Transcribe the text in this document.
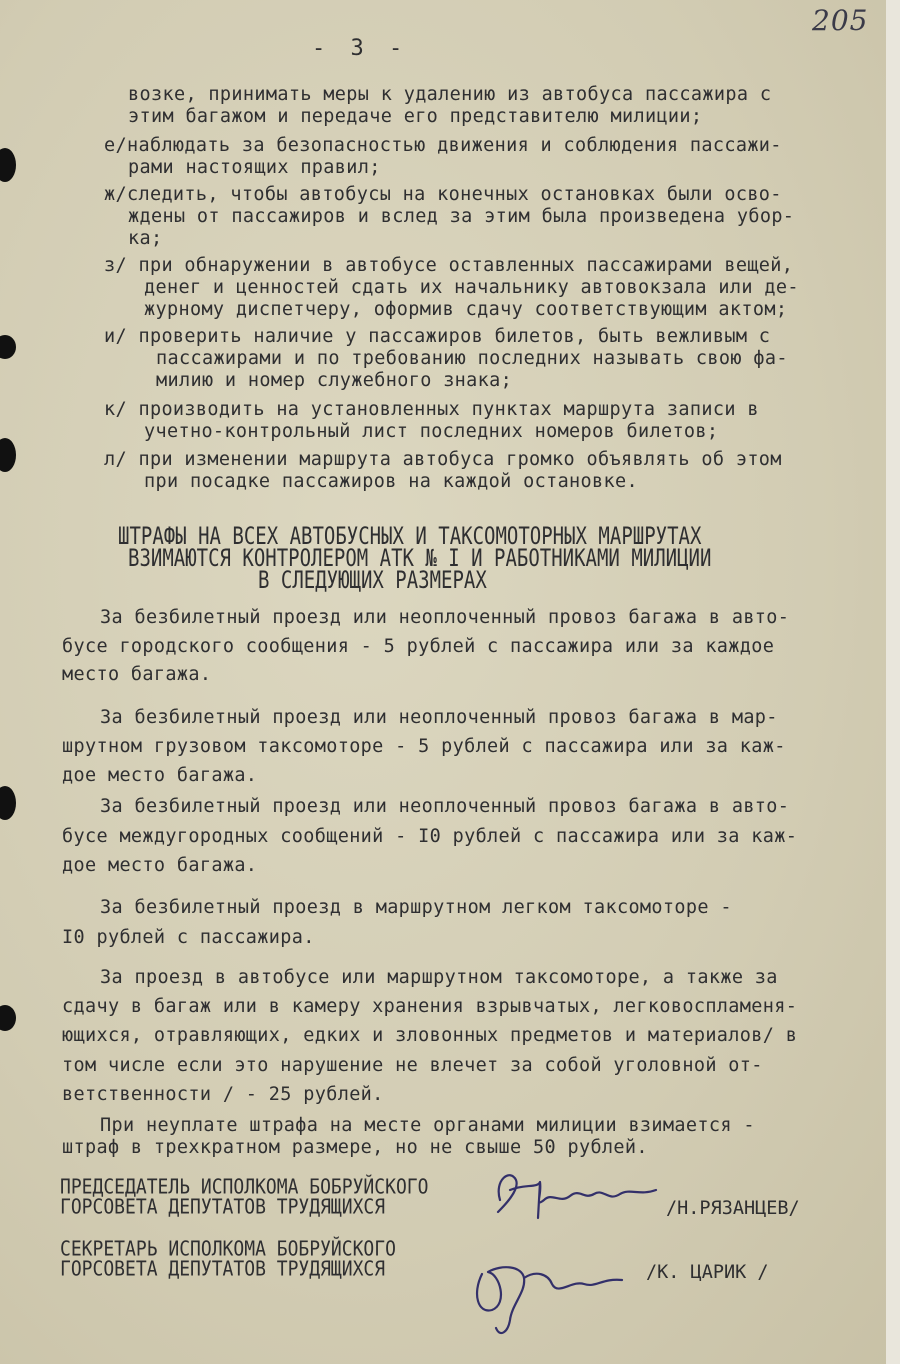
205
- 3 -
возке, принимать меры к удалению из автобуса пассажира с
этим багажом и передаче его представителю милиции;
е/наблюдать за безопасностью движения и соблюдения пассажи-
рами настоящих правил;
ж/следить, чтобы автобусы на конечных остановках были осво-
ждены от пассажиров и вслед за этим была произведена убор-
ка;
з/ при обнаружении в автобусе оставленных пассажирами вещей,
денег и ценностей сдать их начальнику автовокзала или де-
журному диспетчеру, оформив сдачу соответствующим актом;
и/ проверить наличие у пассажиров билетов, быть вежливым с
пассажирами и по требованию последних называть свою фа-
милию и номер служебного знака;
к/ производить на установленных пунктах маршрута записи в
учетно-контрольный лист последних номеров билетов;
л/ при изменении маршрута автобуса громко объявлять об этом
при посадке пассажиров на каждой остановке.
ШТРАФЫ НА ВСЕХ АВТОБУСНЫХ И ТАКСОМОТОРНЫХ МАРШРУТАХ
ВЗИМАЮТСЯ КОНТРОЛЕРОМ АТК № I И РАБОТНИКАМИ МИЛИЦИИ
В СЛЕДУЮЩИХ РАЗМЕРАХ
За безбилетный проезд или неоплоченный провоз багажа в авто-
бусе городского сообщения - 5 рублей с пассажира или за каждое
место багажа.
За безбилетный проезд или неоплоченный провоз багажа в мар-
шрутном грузовом таксомоторе - 5 рублей с пассажира или за каж-
дое место багажа.
За безбилетный проезд или неоплоченный провоз багажа в авто-
бусе междугородных сообщений - I0 рублей с пассажира или за каж-
дое место багажа.
За безбилетный проезд в маршрутном легком таксомоторе -
I0 рублей с пассажира.
За проезд в автобусе или маршрутном таксомоторе, а также за
сдачу в багаж или в камеру хранения взрывчатых, легковоспламеня-
ющихся, отравляющих, едких и зловонных предметов и материалов/ в
том числе если это нарушение не влечет за собой уголовной от-
ветственности / - 25 рублей.
При неуплате штрафа на месте органами милиции взимается -
штраф в трехкратном размере, но не свыше 50 рублей.
ПРЕДСЕДАТЕЛЬ ИСПОЛКОМА БОБРУЙСКОГО
ГОРСОВЕТА ДЕПУТАТОВ ТРУДЯЩИХСЯ	/Н.РЯЗАНЦЕВ/
СЕКРЕТАРЬ ИСПОЛКОМА БОБРУЙСКОГО
ГОРСОВЕТА ДЕПУТАТОВ ТРУДЯЩИХСЯ	/К. ЦАРИК /
